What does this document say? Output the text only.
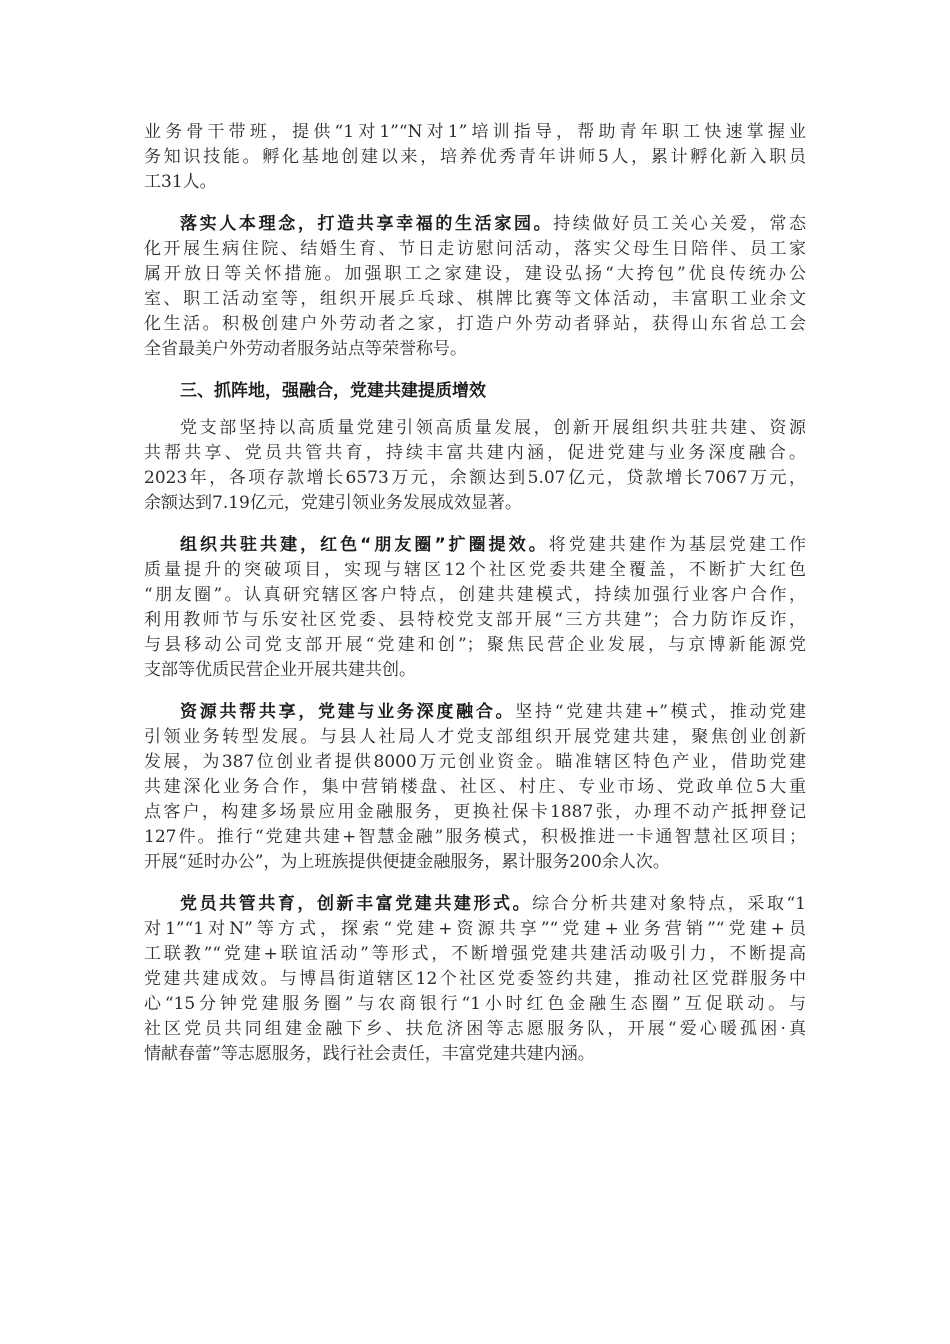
业务骨干带班，提供“1对1”“N对1”培训指导，帮助青年职工快速掌握业
务知识技能。孵化基地创建以来，培养优秀青年讲师5人，累计孵化新入职员
工31人。
落实人本理念，打造共享幸福的生活家园。持续做好员工关心关爱，常态
化开展生病住院、结婚生育、节日走访慰问活动，落实父母生日陪伴、员工家
属开放日等关怀措施。加强职工之家建设，建设弘扬“大挎包”优良传统办公
室、职工活动室等，组织开展乒乓球、棋牌比赛等文体活动，丰富职工业余文
化生活。积极创建户外劳动者之家，打造户外劳动者驿站，获得山东省总工会
全省最美户外劳动者服务站点等荣誉称号。
三、抓阵地，强融合，党建共建提质增效
党支部坚持以高质量党建引领高质量发展，创新开展组织共驻共建、资源
共帮共享、党员共管共育，持续丰富共建内涵，促进党建与业务深度融合。
2023年，各项存款增长6573万元，余额达到5.07亿元，贷款增长7067万元，
余额达到7.19亿元，党建引领业务发展成效显著。
组织共驻共建，红色“朋友圈”扩圈提效。将党建共建作为基层党建工作
质量提升的突破项目，实现与辖区12个社区党委共建全覆盖，不断扩大红色
“朋友圈”。认真研究辖区客户特点，创建共建模式，持续加强行业客户合作，
利用教师节与乐安社区党委、县特校党支部开展“三方共建”；合力防诈反诈，
与县移动公司党支部开展“党建和创”；聚焦民营企业发展，与京博新能源党
支部等优质民营企业开展共建共创。
资源共帮共享，党建与业务深度融合。坚持“党建共建+”模式，推动党建
引领业务转型发展。与县人社局人才党支部组织开展党建共建，聚焦创业创新
发展，为387位创业者提供8000万元创业资金。瞄准辖区特色产业，借助党建
共建深化业务合作，集中营销楼盘、社区、村庄、专业市场、党政单位5大重
点客户，构建多场景应用金融服务，更换社保卡1887张，办理不动产抵押登记
127件。推行“党建共建+智慧金融”服务模式，积极推进一卡通智慧社区项目；
开展“延时办公”，为上班族提供便捷金融服务，累计服务200余人次。
党员共管共育，创新丰富党建共建形式。综合分析共建对象特点，采取“1
对1”“1对N”等方式，探索“党建+资源共享”“党建+业务营销”“党建+员
工联教”“党建+联谊活动”等形式，不断增强党建共建活动吸引力，不断提高
党建共建成效。与博昌街道辖区12个社区党委签约共建，推动社区党群服务中
心“15分钟党建服务圈”与农商银行“1小时红色金融生态圈”互促联动。与
社区党员共同组建金融下乡、扶危济困等志愿服务队，开展“爱心暖孤困·真
情献春蕾”等志愿服务，践行社会责任，丰富党建共建内涵。
